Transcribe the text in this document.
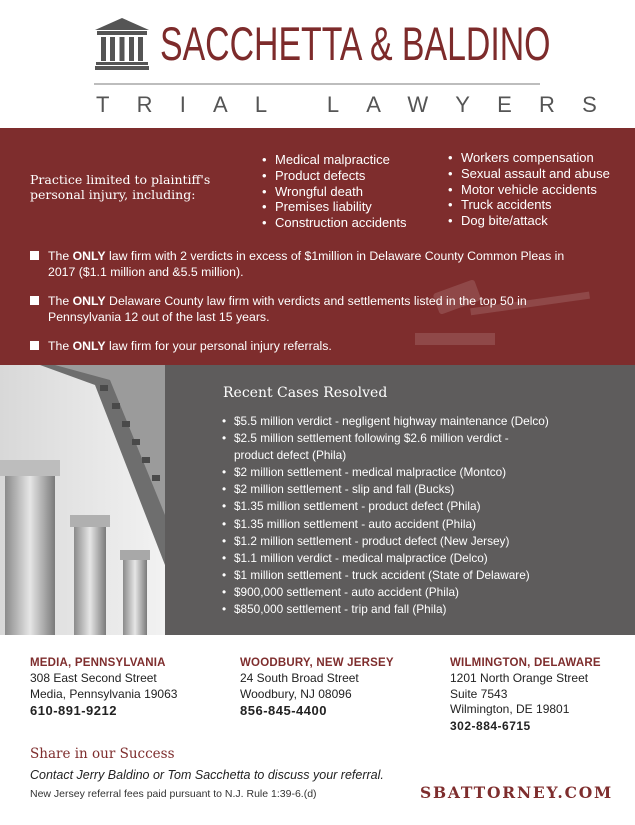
SACCHETTA & BALDINO
TRIAL LAWYERS
Practice limited to plaintiff's personal injury, including:
• Medical malpractice
• Product defects
• Wrongful death
• Premises liability
• Construction accidents
• Workers compensation
• Sexual assault and abuse
• Motor vehicle accidents
• Truck accidents
• Dog bite/attack
The ONLY law firm with 2 verdicts in excess of $1million in Delaware County Common Pleas in 2017 ($1.1 million and &5.5 million).
The ONLY Delaware County law firm with verdicts and settlements listed in the top 50 in Pennsylvania 12 out of the last 15 years.
The ONLY law firm for your personal injury referrals.
Recent Cases Resolved
• $5.5 million verdict - negligent highway maintenance (Delco)
• $2.5 million settlement following $2.6 million verdict - product defect (Phila)
• $2 million settlement - medical malpractice (Montco)
• $2 million settlement - slip and fall (Bucks)
• $1.35 million settlement - product defect (Phila)
• $1.35 million settlement - auto accident (Phila)
• $1.2 million settlement - product defect (New Jersey)
• $1.1 million verdict - medical malpractice (Delco)
• $1 million settlement - truck accident (State of Delaware)
• $900,000 settlement - auto accident (Phila)
• $850,000 settlement - trip and fall (Phila)
MEDIA, PENNSYLVANIA
308 East Second Street
Media, Pennsylvania 19063
610-891-9212
WOODBURY, NEW JERSEY
24 South Broad Street
Woodbury, NJ 08096
856-845-4400
WILMINGTON, DELAWARE
1201 North Orange Street
Suite 7543
Wilmington, DE 19801
302-884-6715
Share in our Success
Contact Jerry Baldino or Tom Sacchetta to discuss your referral.
New Jersey referral fees paid pursuant to N.J. Rule 1:39-6.(d)	SBATTORNEY.COM
